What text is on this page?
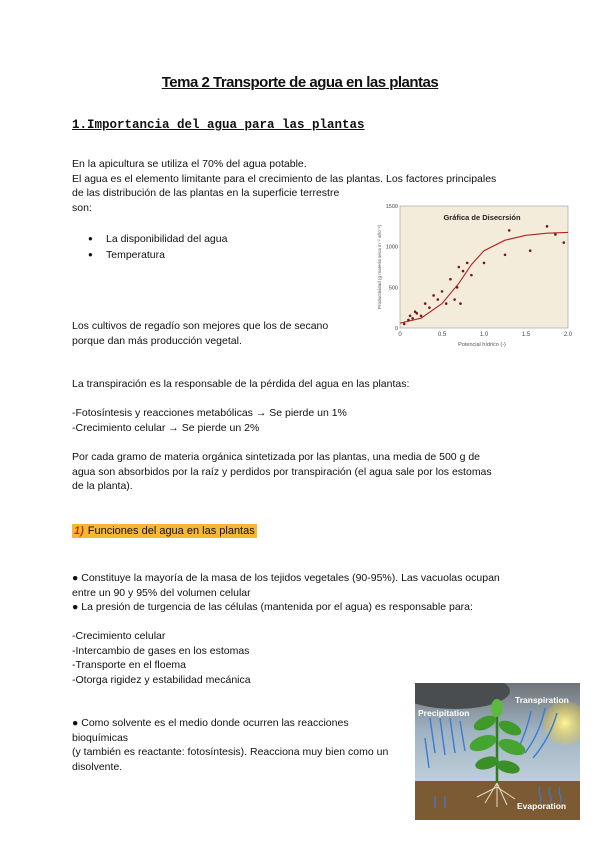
Tema 2 Transporte de agua en las plantas
1.Importancia del agua para las plantas
En la apicultura se utiliza el 70% del agua potable.
El agua es el elemento limitante para el crecimiento de las plantas. Los factores principales
de las distribución de las plantas en la superficie terrestre
son:
● La disponibilidad del agua
● Temperatura
Los cultivos de regadío son mejores que los de secano
porque dan más producción vegetal.
La transpiración es la responsable de la pérdida del agua en las plantas:
-Fotosíntesis y reacciones metabólicas → Se pierde un 1%
-Crecimiento celular → Se pierde un 2%
Por cada gramo de materia orgánica sintetizada por las plantas, una media de 500 g de
agua son absorbidos por la raíz y perdidos por transpiración (el agua sale por los estomas
de la planta).
1) Funciones del agua en las plantas
● Constituye la mayoría de la masa de los tejidos vegetales (90-95%). Las vacuolas ocupan
entre un 90 y 95% del volumen celular
● La presión de turgencia de las células (mantenida por el agua) es responsable para:
-Crecimiento celular
-Intercambio de gases en los estomas
-Transporte en el floema
-Otorga rigidez y estabilidad mecánica
● Como solvente es el medio donde ocurren las reacciones
bioquímicas
(y también es reactante: fotosíntesis). Reacciona muy bien como un
disolvente.
Gráfica de Disecrsión
Potencial hídrico (-)
Productividad (g materia seca m⁻² año⁻¹)
0	0.5	1.0	1.5	2.0
0
500
1000
1500
Transpiration
Precipitation
Evaporation
